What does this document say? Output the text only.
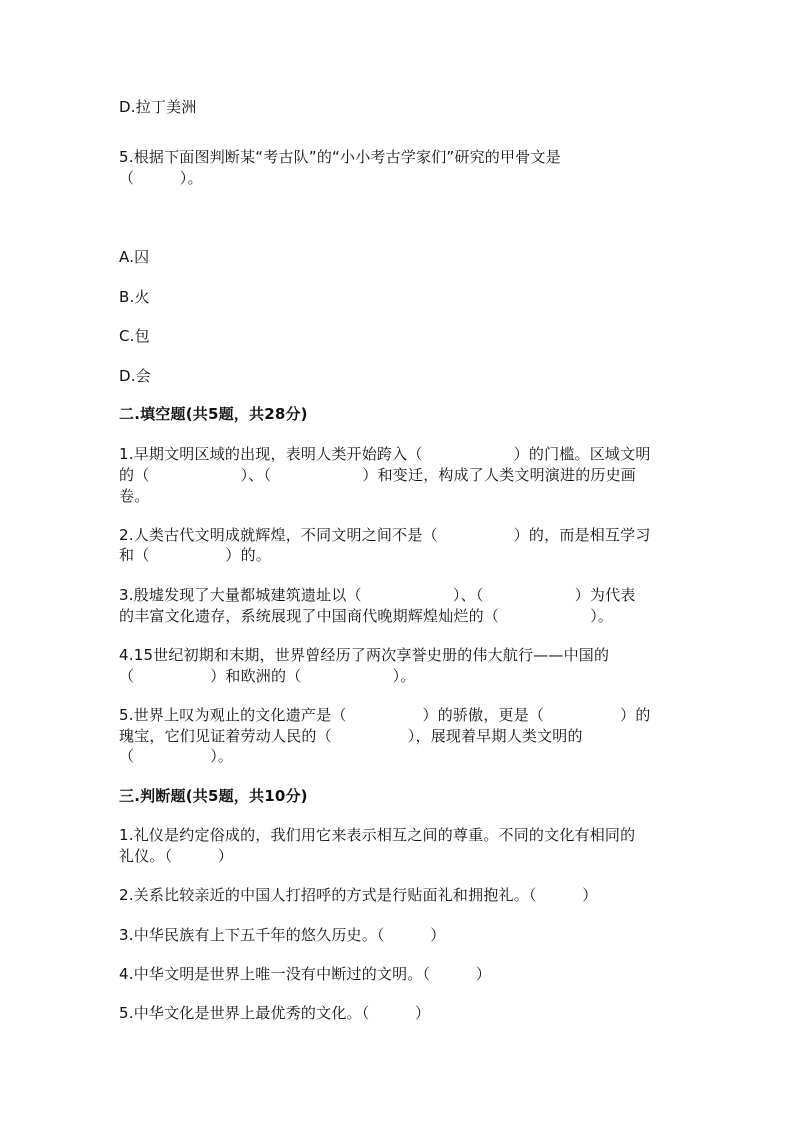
D.拉丁美洲
5.根据下面图判断某“考古队”的“小小考古学家们”研究的甲骨文是
（　　　）。
A.囚
B.火
C.包
D.会
二.填空题(共5题，共28分)
1.早期文明区域的出现，表明人类开始跨入（　　　　　　）的门槛。区域文明
的（　　　　　　）、（　　　　　　）和变迁，构成了人类文明演进的历史画
卷。
2.人类古代文明成就辉煌，不同文明之间不是（　　　　　）的，而是相互学习
和（　　　　　）的。
3.殷墟发现了大量都城建筑遗址以（　　　　　　）、（　　　　　　）为代表
的丰富文化遗存，系统展现了中国商代晚期辉煌灿烂的（　　　　　　）。
4.15世纪初期和末期，世界曾经历了两次享誉史册的伟大航行——中国的
（　　　　　）和欧洲的（　　　　　　）。
5.世界上叹为观止的文化遗产是（　　　　　）的骄傲，更是（　　　　　）的
瑰宝，它们见证着劳动人民的（　　　　　），展现着早期人类文明的
（　　　　　）。
三.判断题(共5题，共10分)
1.礼仪是约定俗成的，我们用它来表示相互之间的尊重。不同的文化有相同的
礼仪。（　　　）
2.关系比较亲近的中国人打招呼的方式是行贴面礼和拥抱礼。（　　　）
3.中华民族有上下五千年的悠久历史。（　　　）
4.中华文明是世界上唯一没有中断过的文明。（　　　）
5.中华文化是世界上最优秀的文化。（　　　）
